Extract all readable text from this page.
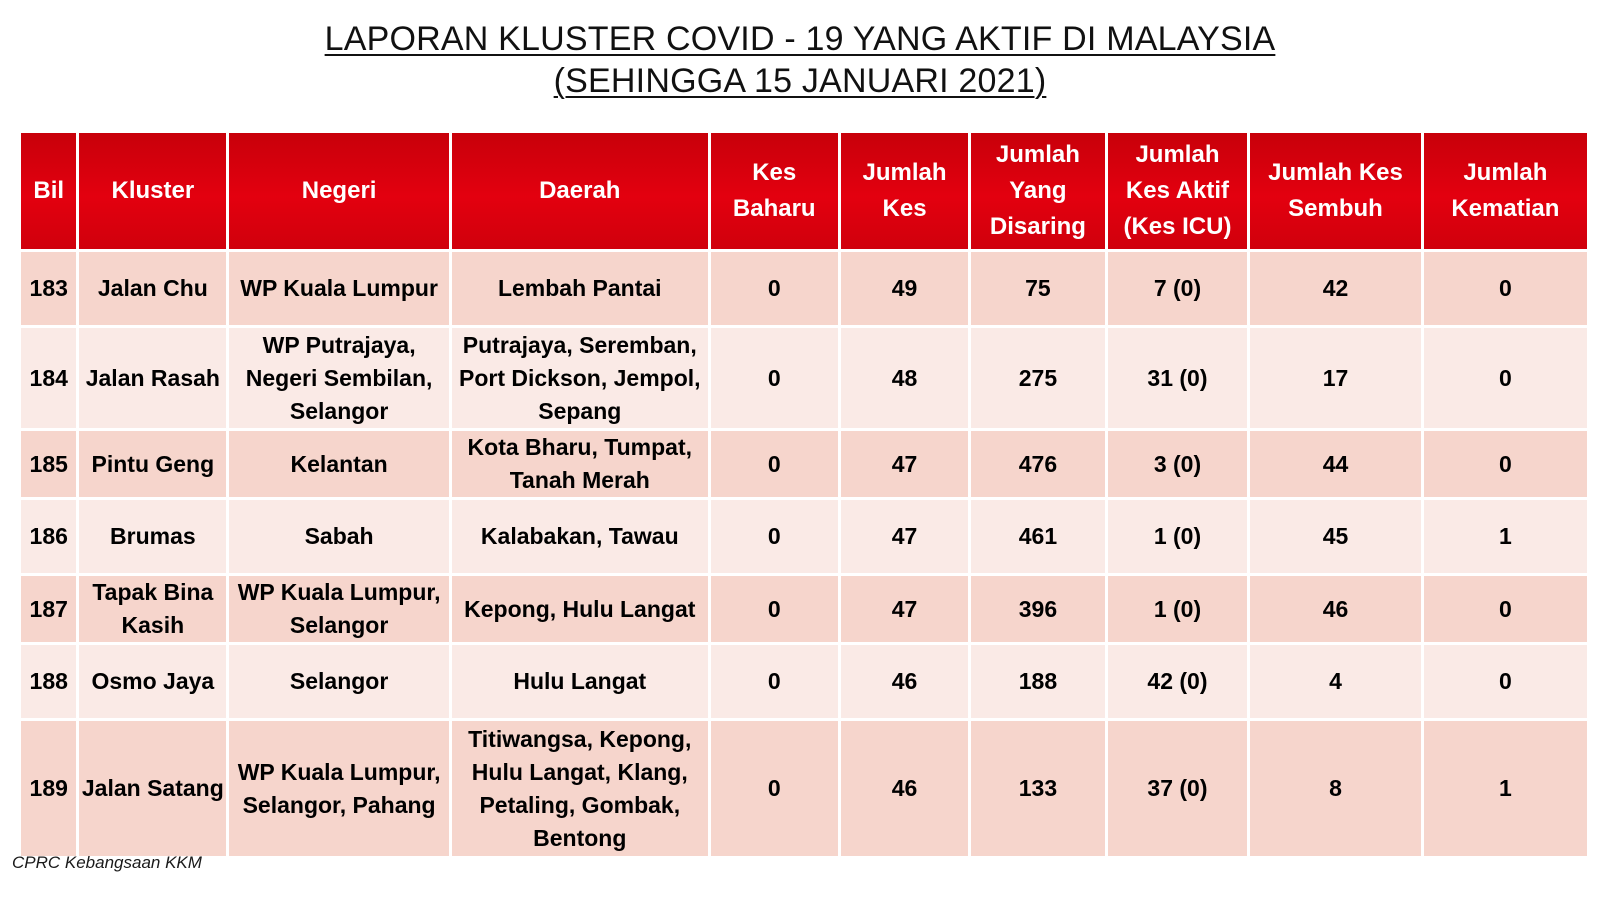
LAPORAN KLUSTER COVID - 19 YANG AKTIF DI MALAYSIA
(SEHINGGA 15 JANUARI 2021)
Bil	Kluster	Negeri	Daerah	Kes Baharu	Jumlah Kes	Jumlah Yang Disaring	Jumlah Kes Aktif (Kes ICU)	Jumlah Kes Sembuh	Jumlah Kematian
183	Jalan Chu	WP Kuala Lumpur	Lembah Pantai	0	49	75	7 (0)	42	0
184	Jalan Rasah	WP Putrajaya, Negeri Sembilan, Selangor	Putrajaya, Seremban, Port Dickson, Jempol, Sepang	0	48	275	31 (0)	17	0
185	Pintu Geng	Kelantan	Kota Bharu, Tumpat, Tanah Merah	0	47	476	3 (0)	44	0
186	Brumas	Sabah	Kalabakan, Tawau	0	47	461	1 (0)	45	1
187	Tapak Bina Kasih	WP Kuala Lumpur, Selangor	Kepong, Hulu Langat	0	47	396	1 (0)	46	0
188	Osmo Jaya	Selangor	Hulu Langat	0	46	188	42 (0)	4	0
189	Jalan Satang	WP Kuala Lumpur, Selangor, Pahang	Titiwangsa, Kepong, Hulu Langat, Klang, Petaling, Gombak, Bentong	0	46	133	37 (0)	8	1
CPRC Kebangsaan KKM
